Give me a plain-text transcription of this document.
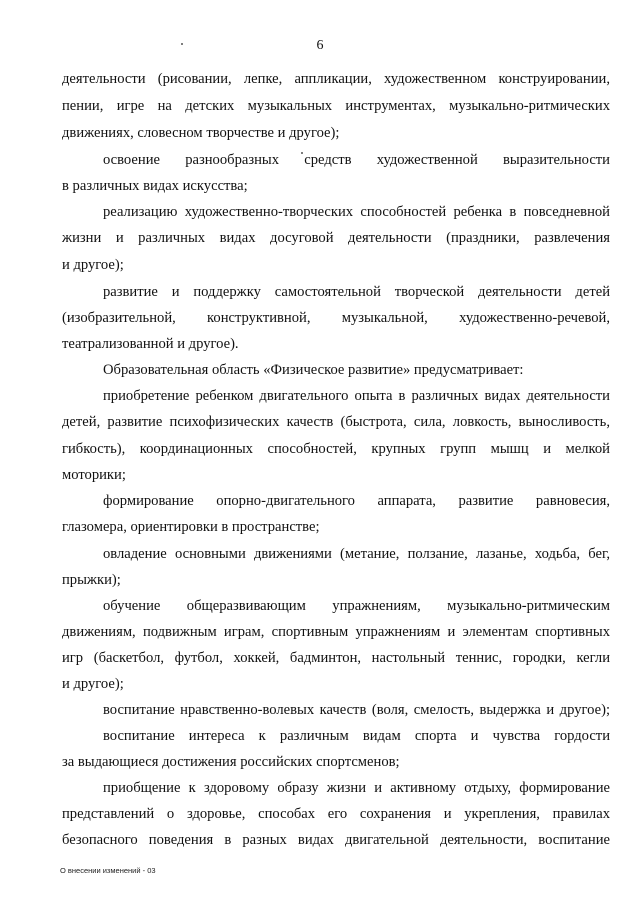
6
деятельности (рисовании, лепке, аппликации, художественном конструировании,
пении, игре на детских музыкальных инструментах, музыкально-ритмических
движениях, словесном творчестве и другое);
освоение разнообразных средств художественной выразительности
в различных видах искусства;
реализацию художественно-творческих способностей ребенка в повседневной
жизни и различных видах досуговой деятельности (праздники, развлечения
и другое);
развитие и поддержку самостоятельной творческой деятельности детей
(изобразительной, конструктивной, музыкальной, художественно-речевой,
театрализованной и другое).
Образовательная область «Физическое развитие» предусматривает:
приобретение ребенком двигательного опыта в различных видах деятельности
детей, развитие психофизических качеств (быстрота, сила, ловкость, выносливость,
гибкость), координационных способностей, крупных групп мышц и мелкой
моторики;
формирование опорно-двигательного аппарата, развитие равновесия,
глазомера, ориентировки в пространстве;
овладение основными движениями (метание, ползание, лазанье, ходьба, бег,
прыжки);
обучение общеразвивающим упражнениям, музыкально-ритмическим
движениям, подвижным играм, спортивным упражнениям и элементам спортивных
игр (баскетбол, футбол, хоккей, бадминтон, настольный теннис, городки, кегли
и другое);
воспитание нравственно-волевых качеств (воля, смелость, выдержка и другое);
воспитание интереса к различным видам спорта и чувства гордости
за выдающиеся достижения российских спортсменов;
приобщение к здоровому образу жизни и активному отдыху, формирование
представлений о здоровье, способах его сохранения и укрепления, правилах
безопасного поведения в разных видах двигательной деятельности, воспитание
О внесении изменений - 03
